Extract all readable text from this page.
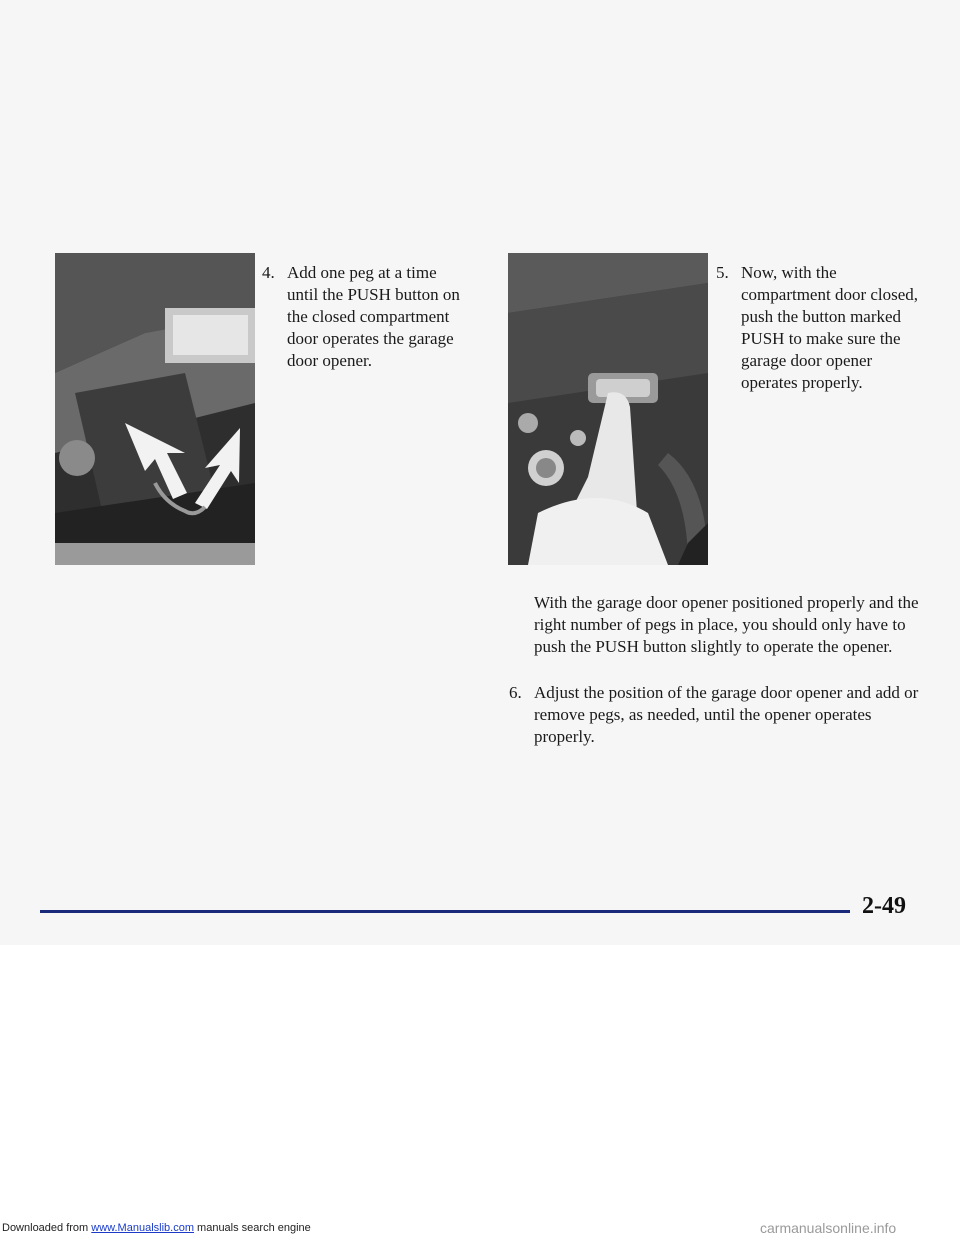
4. Add one peg at a time until the PUSH button on the closed compartment door operates the garage door opener.
5. Now, with the compartment door closed, push the button marked PUSH to make sure the garage door opener operates properly.
With the garage door opener positioned properly and the right number of pegs in place, you should only have to push the PUSH button slightly to operate the opener.
6. Adjust the position of the garage door opener and add or remove pegs, as needed, until the opener operates properly.
2-49
Downloaded from www.Manualslib.com manuals search engine	carmanualsonline.info
